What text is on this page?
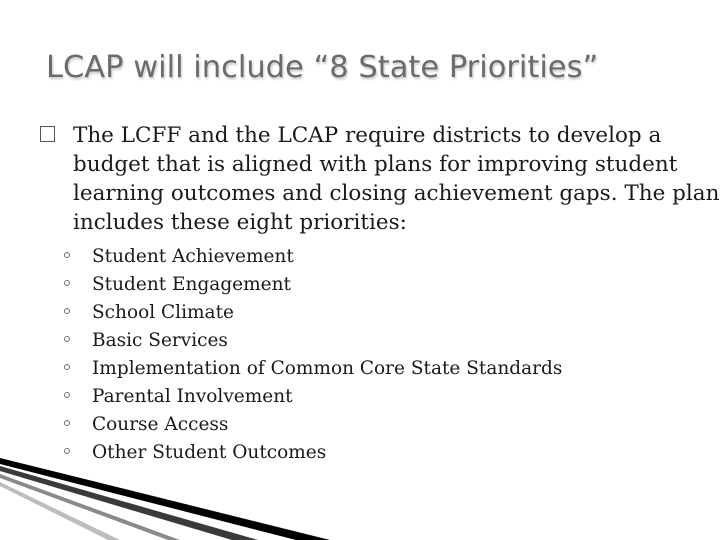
LCAP will include “8 State Priorities”
The LCFF and the LCAP require districts to develop a budget that is aligned with plans for improving student learning outcomes and closing achievement gaps. The plan includes these eight priorities:
Student Achievement
Student Engagement
School Climate
Basic Services
Implementation of Common Core State Standards
Parental Involvement
Course Access
Other Student Outcomes
